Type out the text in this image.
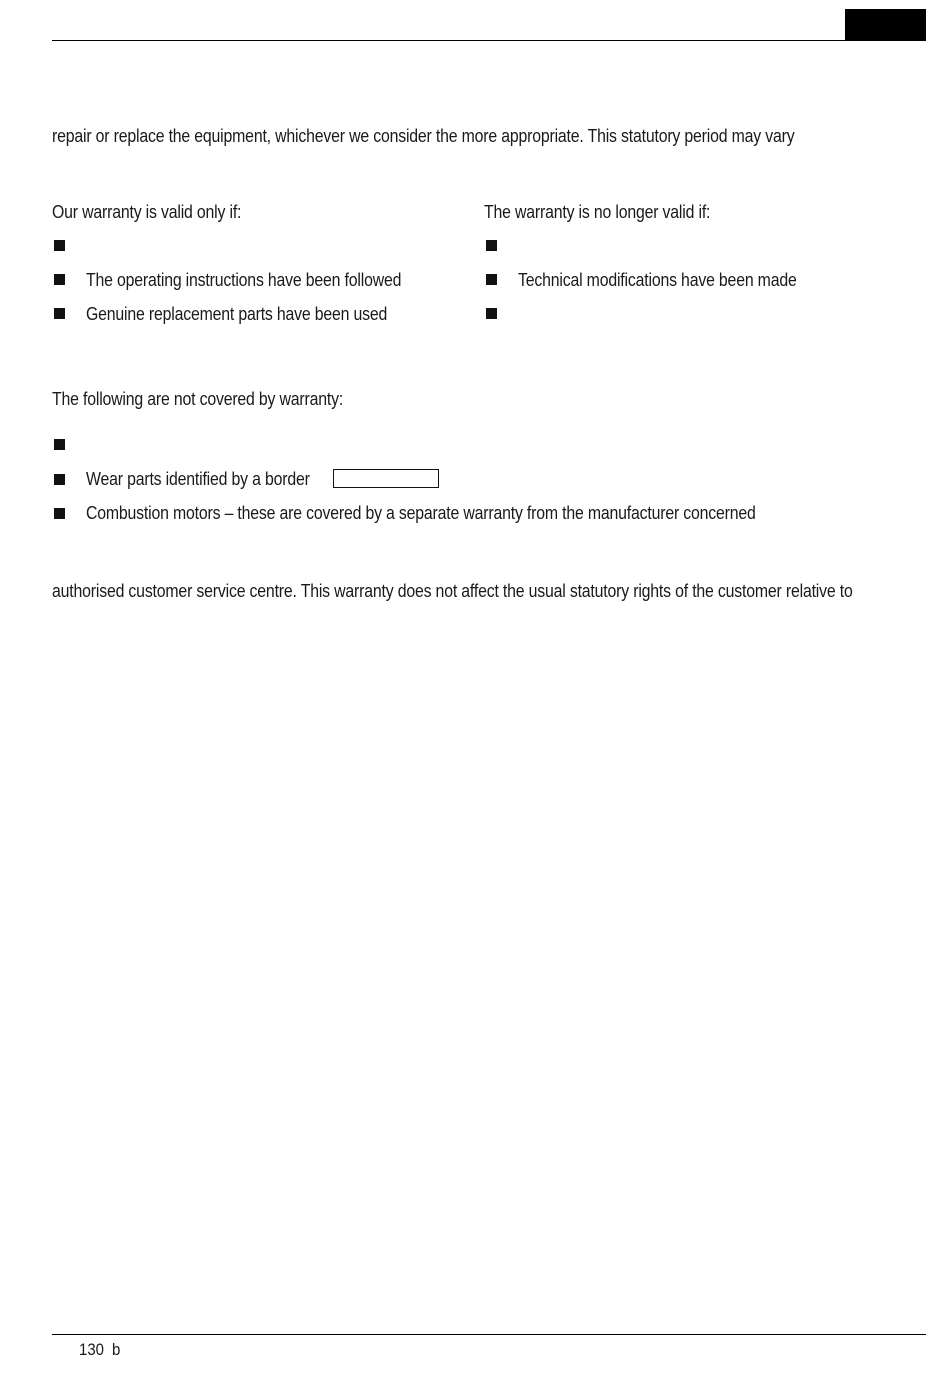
repair or replace the equipment, whichever we consider the more appropriate. This statutory period may vary
Our warranty is valid only if:
The operating instructions have been followed
Genuine replacement parts have been used
The warranty is no longer valid if:
Technical modifications have been made
The following are not covered by warranty:
Wear parts identified by a border
Combustion motors – these are covered by a separate warranty from the manufacturer concerned
authorised customer service centre. This warranty does not affect the usual statutory rights of the customer relative to
130 b
